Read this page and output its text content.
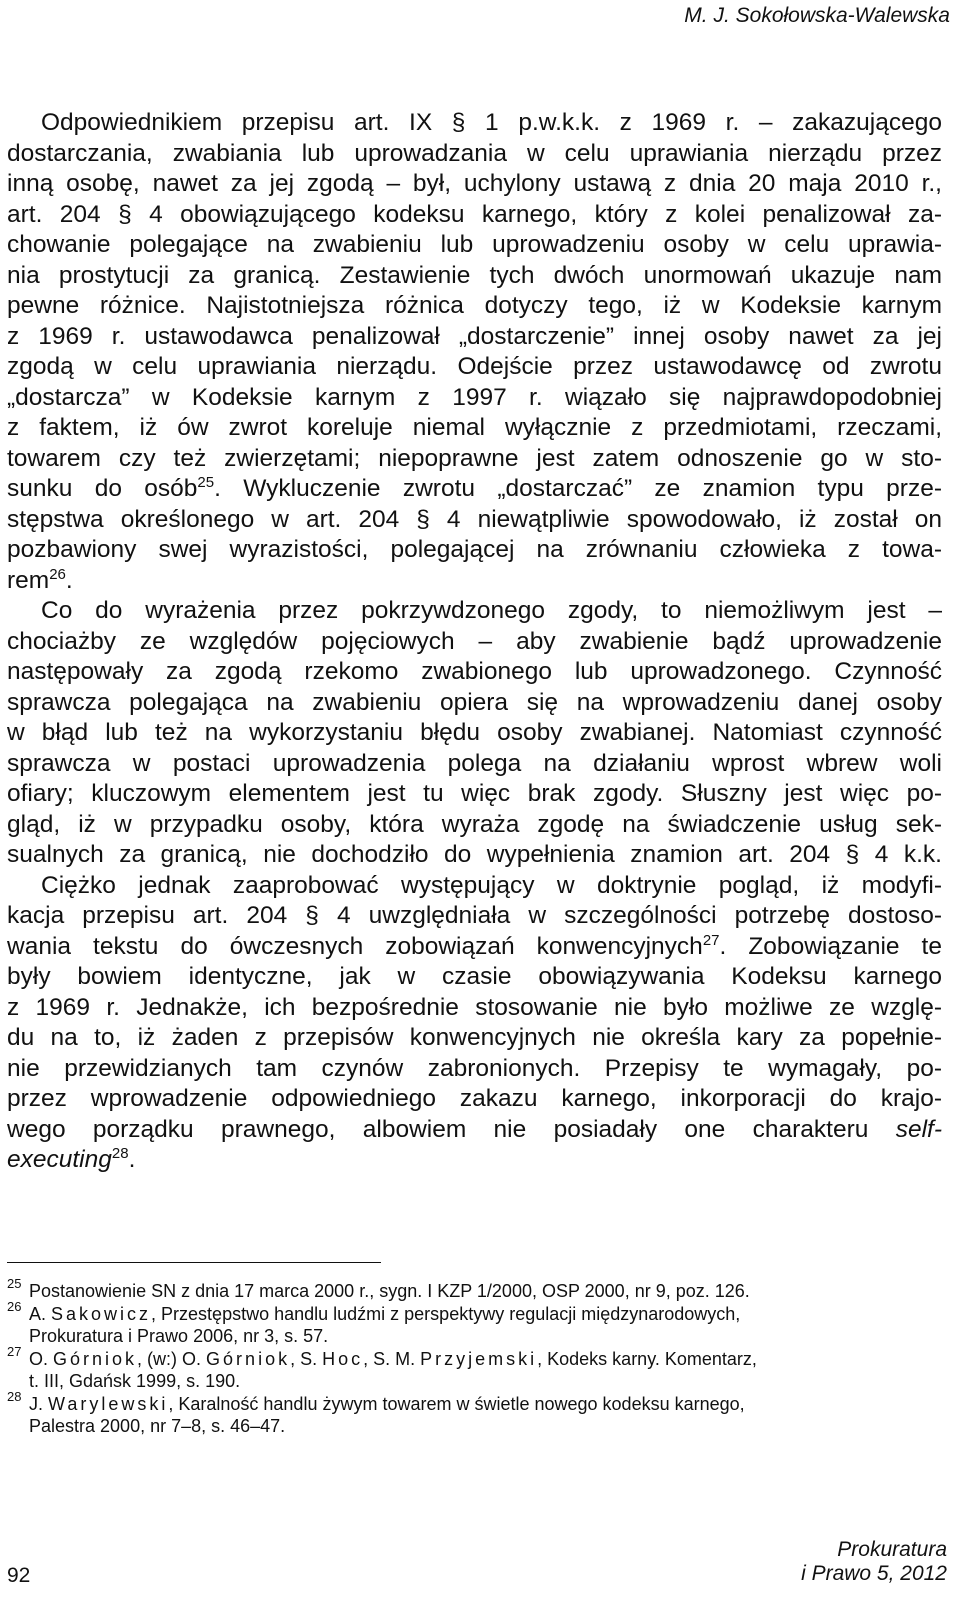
M. J. Sokołowska-Walewska
Odpowiednikiem przepisu art. IX § 1 p.w.k.k. z 1969 r. – zakazującego
dostarczania, zwabiania lub uprowadzania w celu uprawiania nierządu przez
inną osobę, nawet za jej zgodą – był, uchylony ustawą z dnia 20 maja 2010 r.,
art. 204 § 4 obowiązującego kodeksu karnego, który z kolei penalizował za-
chowanie polegające na zwabieniu lub uprowadzeniu osoby w celu uprawia-
nia prostytucji za granicą. Zestawienie tych dwóch unormowań ukazuje nam
pewne różnice. Najistotniejsza różnica dotyczy tego, iż w Kodeksie karnym
z 1969 r. ustawodawca penalizował „dostarczenie” innej osoby nawet za jej
zgodą w celu uprawiania nierządu. Odejście przez ustawodawcę od zwrotu
„dostarcza” w Kodeksie karnym z 1997 r. wiązało się najprawdopodobniej
z faktem, iż ów zwrot koreluje niemal wyłącznie z przedmiotami, rzeczami,
towarem czy też zwierzętami; niepoprawne jest zatem odnoszenie go w sto-
sunku do osób$^{25}$. Wykluczenie zwrotu „dostarczać” ze znamion typu prze-
stępstwa określonego w art. 204 § 4 niewątpliwie spowodowało, iż został on
pozbawiony swej wyrazistości, polegającej na zrównaniu człowieka z towa-
rem$^{26}$.
Co do wyrażenia przez pokrzywdzonego zgody, to niemożliwym jest –
chociażby ze względów pojęciowych – aby zwabienie bądź uprowadzenie
następowały za zgodą rzekomo zwabionego lub uprowadzonego. Czynność
sprawcza polegająca na zwabieniu opiera się na wprowadzeniu danej osoby
w błąd lub też na wykorzystaniu błędu osoby zwabianej. Natomiast czynność
sprawcza w postaci uprowadzenia polega na działaniu wprost wbrew woli
ofiary; kluczowym elementem jest tu więc brak zgody. Słuszny jest więc po-
gląd, iż w przypadku osoby, która wyraża zgodę na świadczenie usług sek-
sualnych za granicą, nie dochodziło do wypełnienia znamion art. 204 § 4 k.k.
Ciężko jednak zaaprobować występujący w doktrynie pogląd, iż modyfi-
kacja przepisu art. 204 § 4 uwzględniała w szczególności potrzebę dostoso-
wania tekstu do ówczesnych zobowiązań konwencyjnych$^{27}$. Zobowiązanie te
były bowiem identyczne, jak w czasie obowiązywania Kodeksu karnego
z 1969 r. Jednakże, ich bezpośrednie stosowanie nie było możliwe ze wzglę-
du na to, iż żaden z przepisów konwencyjnych nie określa kary za popełnie-
nie przewidzianych tam czynów zabronionych. Przepisy te wymagały, po-
przez wprowadzenie odpowiedniego zakazu karnego, inkorporacji do krajo-
wego porządku prawnego, albowiem nie posiadały one charakteru self-
executing$^{28}$.
25 Postanowienie SN z dnia 17 marca 2000 r., sygn. I KZP 1/2000, OSP 2000, nr 9, poz. 126.
26 A. Sakowicz, Przestępstwo handlu ludźmi z perspektywy regulacji międzynarodowych,
Prokuratura i Prawo 2006, nr 3, s. 57.
27 O. Górniok, (w:) O. Górniok, S. Hoc, S. M. Przyjemski, Kodeks karny. Komentarz,
t. III, Gdańsk 1999, s. 190.
28 J. Warylewski, Karalność handlu żywym towarem w świetle nowego kodeksu karnego,
Palestra 2000, nr 7–8, s. 46–47.
92
Prokuratura
i Prawo 5, 2012
